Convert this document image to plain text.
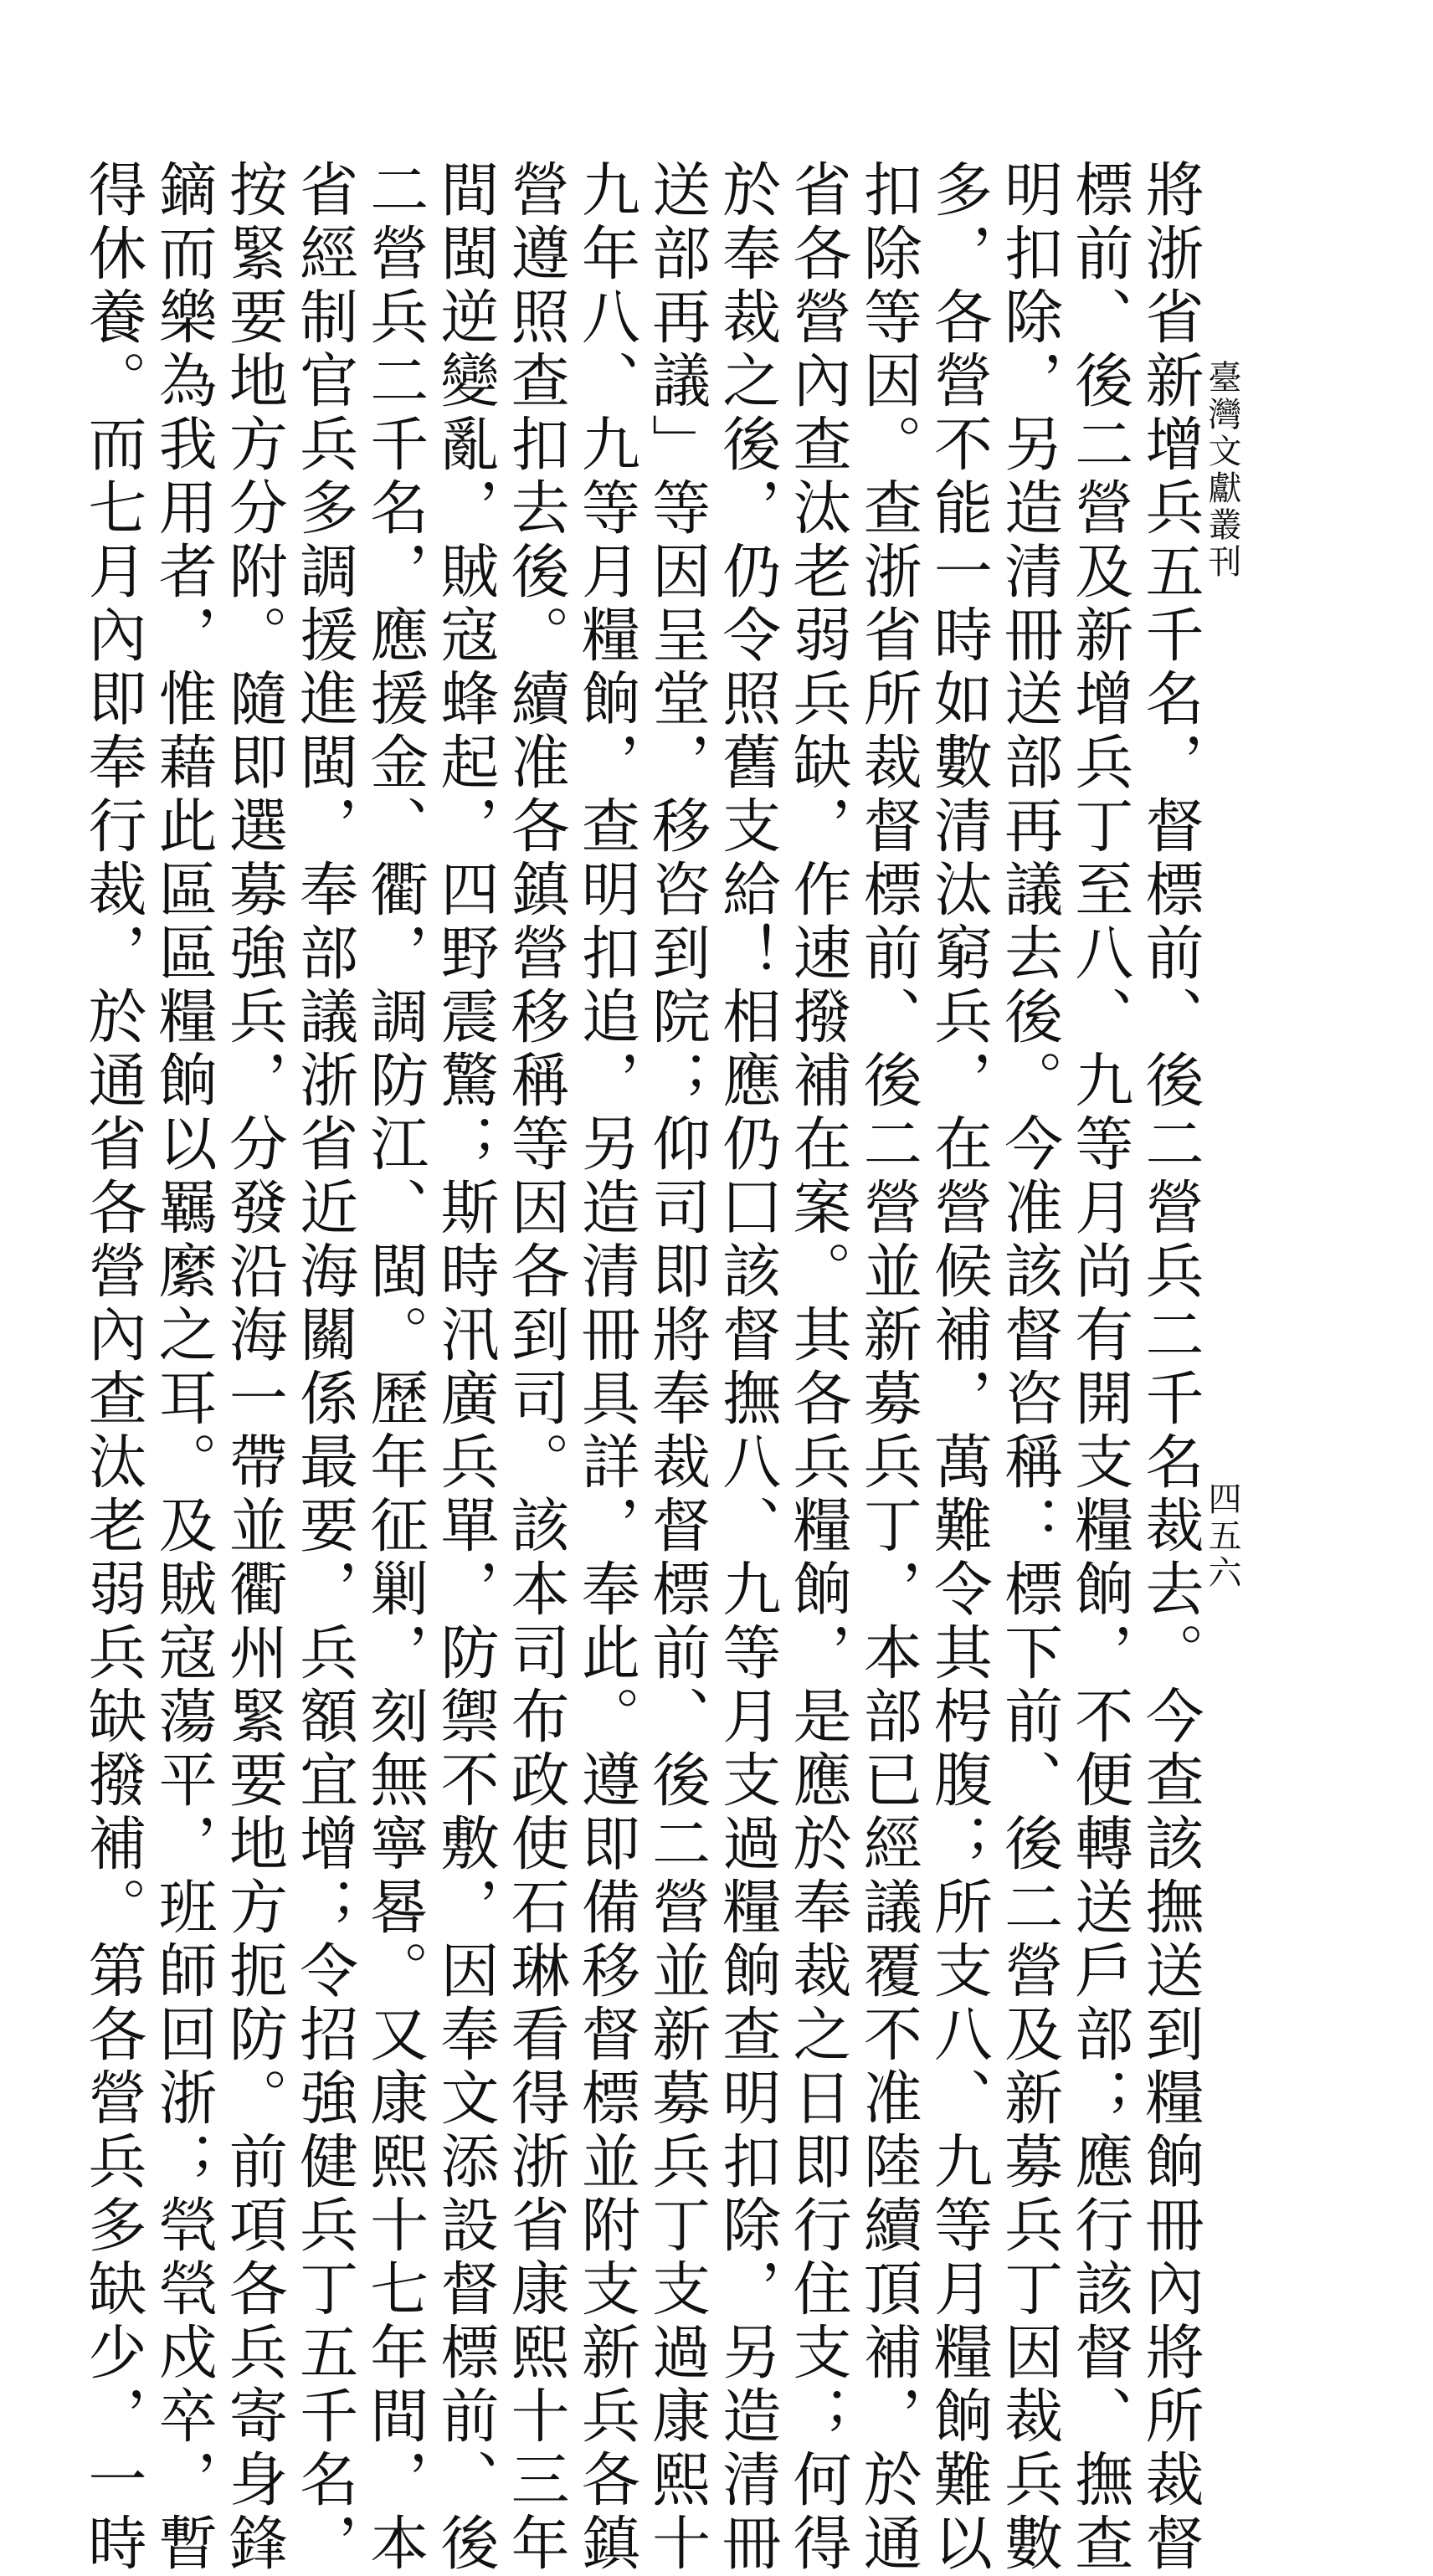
臺灣文獻叢刊
四五六
將浙省新增兵五千名，督標前、後二營兵二千名裁去。今查該撫送到糧餉冊內將所裁督
標前、後二營及新增兵丁至八、九等月尚有開支糧餉，不便轉送戶部；應行該督、撫查
明扣除，另造清冊送部再議去後。今准該督咨稱：標下前、後二營及新募兵丁因裁兵數
多，各營不能一時如數清汰窮兵，在營候補，萬難令其枵腹；所支八、九等月糧餉難以
扣除等因。查浙省所裁督標前、後二營並新募兵丁，本部已經議覆不准陸續頂補，於通
省各營內查汰老弱兵缺，作速撥補在案。其各兵糧餉，是應於奉裁之日即行住支；何得
於奉裁之後，仍令照舊支給！相應仍囗該督撫八、九等月支過糧餉查明扣除，另造清冊
送部再議」等因呈堂，移咨到院；仰司即將奉裁督標前、後二營並新募兵丁支過康熙十
九年八、九等月糧餉，查明扣追，另造清冊具詳，奉此。遵即備移督標並附支新兵各鎮
營遵照查扣去後。續准各鎮營移稱等因各到司。該本司布政使石琳看得浙省康熙十三年
間閩逆變亂，賊寇蜂起，四野震驚；斯時汛廣兵單，防禦不敷，因奉文添設督標前、後
二營兵二千名，應援金、衢，調防江、閩。歷年征剿，刻無寧晷。又康熙十七年間，本
省經制官兵多調援進閩，奉部議浙省近海關係最要，兵額宜增；令招強健兵丁五千名，
按緊要地方分附。隨即選募強兵，分發沿海一帶並衢州緊要地方扼防。前項各兵寄身鋒
鏑而樂為我用者，惟藉此區區糧餉以羈縻之耳。及賊寇蕩平，班師回浙；煢煢戍卒，暫
得休養。而七月內即奉行裁，於通省各營內查汰老弱兵缺撥補。第各營兵多缺少，一時
